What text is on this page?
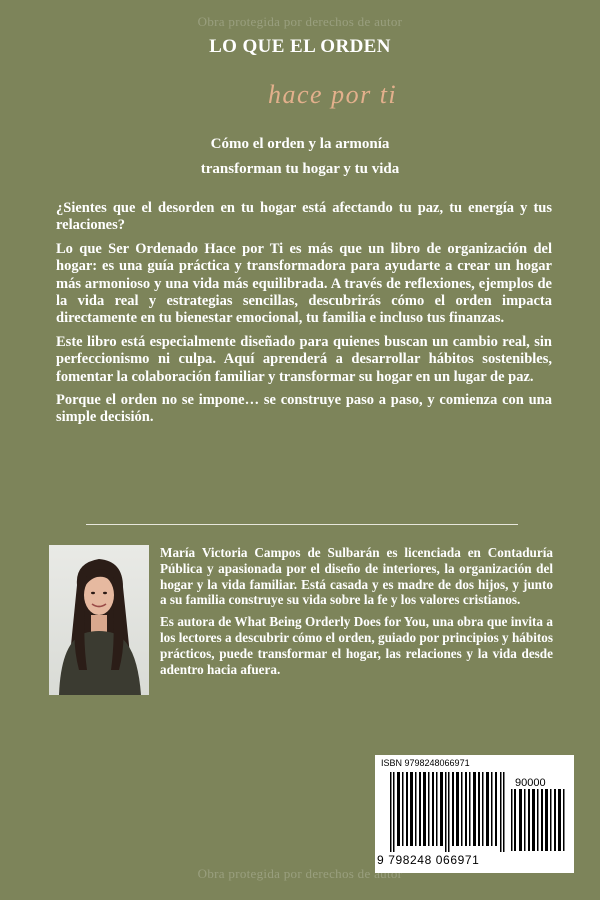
Obra protegida por derechos de autor
LO QUE EL ORDEN
hace por ti
Cómo el orden y la armonía
transforman tu hogar y tu vida

¿Sientes que el desorden en tu hogar está afectando tu paz, tu energía y tus relaciones?

Lo que Ser Ordenado Hace por Ti es más que un libro de organización del hogar: es una guía práctica y transformadora para ayudarte a crear un hogar más armonioso y una vida más equilibrada. A través de reflexiones, ejemplos de la vida real y estrategias sencillas, descubrirás cómo el orden impacta directamente en tu bienestar emocional, tu familia e incluso tus finanzas.

Este libro está especialmente diseñado para quienes buscan un cambio real, sin perfeccionismo ni culpa. Aquí aprenderá a desarrollar hábitos sostenibles, fomentar la colaboración familiar y transformar su hogar en un lugar de paz.

Porque el orden no se impone… se construye paso a paso, y comienza con una simple decisión.

María Victoria Campos de Sulbarán es licenciada en Contaduría Pública y apasionada por el diseño de interiores, la organización del hogar y la vida familiar. Está casada y es madre de dos hijos, y junto a su familia construye su vida sobre la fe y los valores cristianos.

Es autora de What Being Orderly Does for You, una obra que invita a los lectores a descubrir cómo el orden, guiado por principios y hábitos prácticos, puede transformar el hogar, las relaciones y la vida desde adentro hacia afuera.

ISBN 9798248066971
90000
9 798248 066971
Obra protegida por derechos de autor
